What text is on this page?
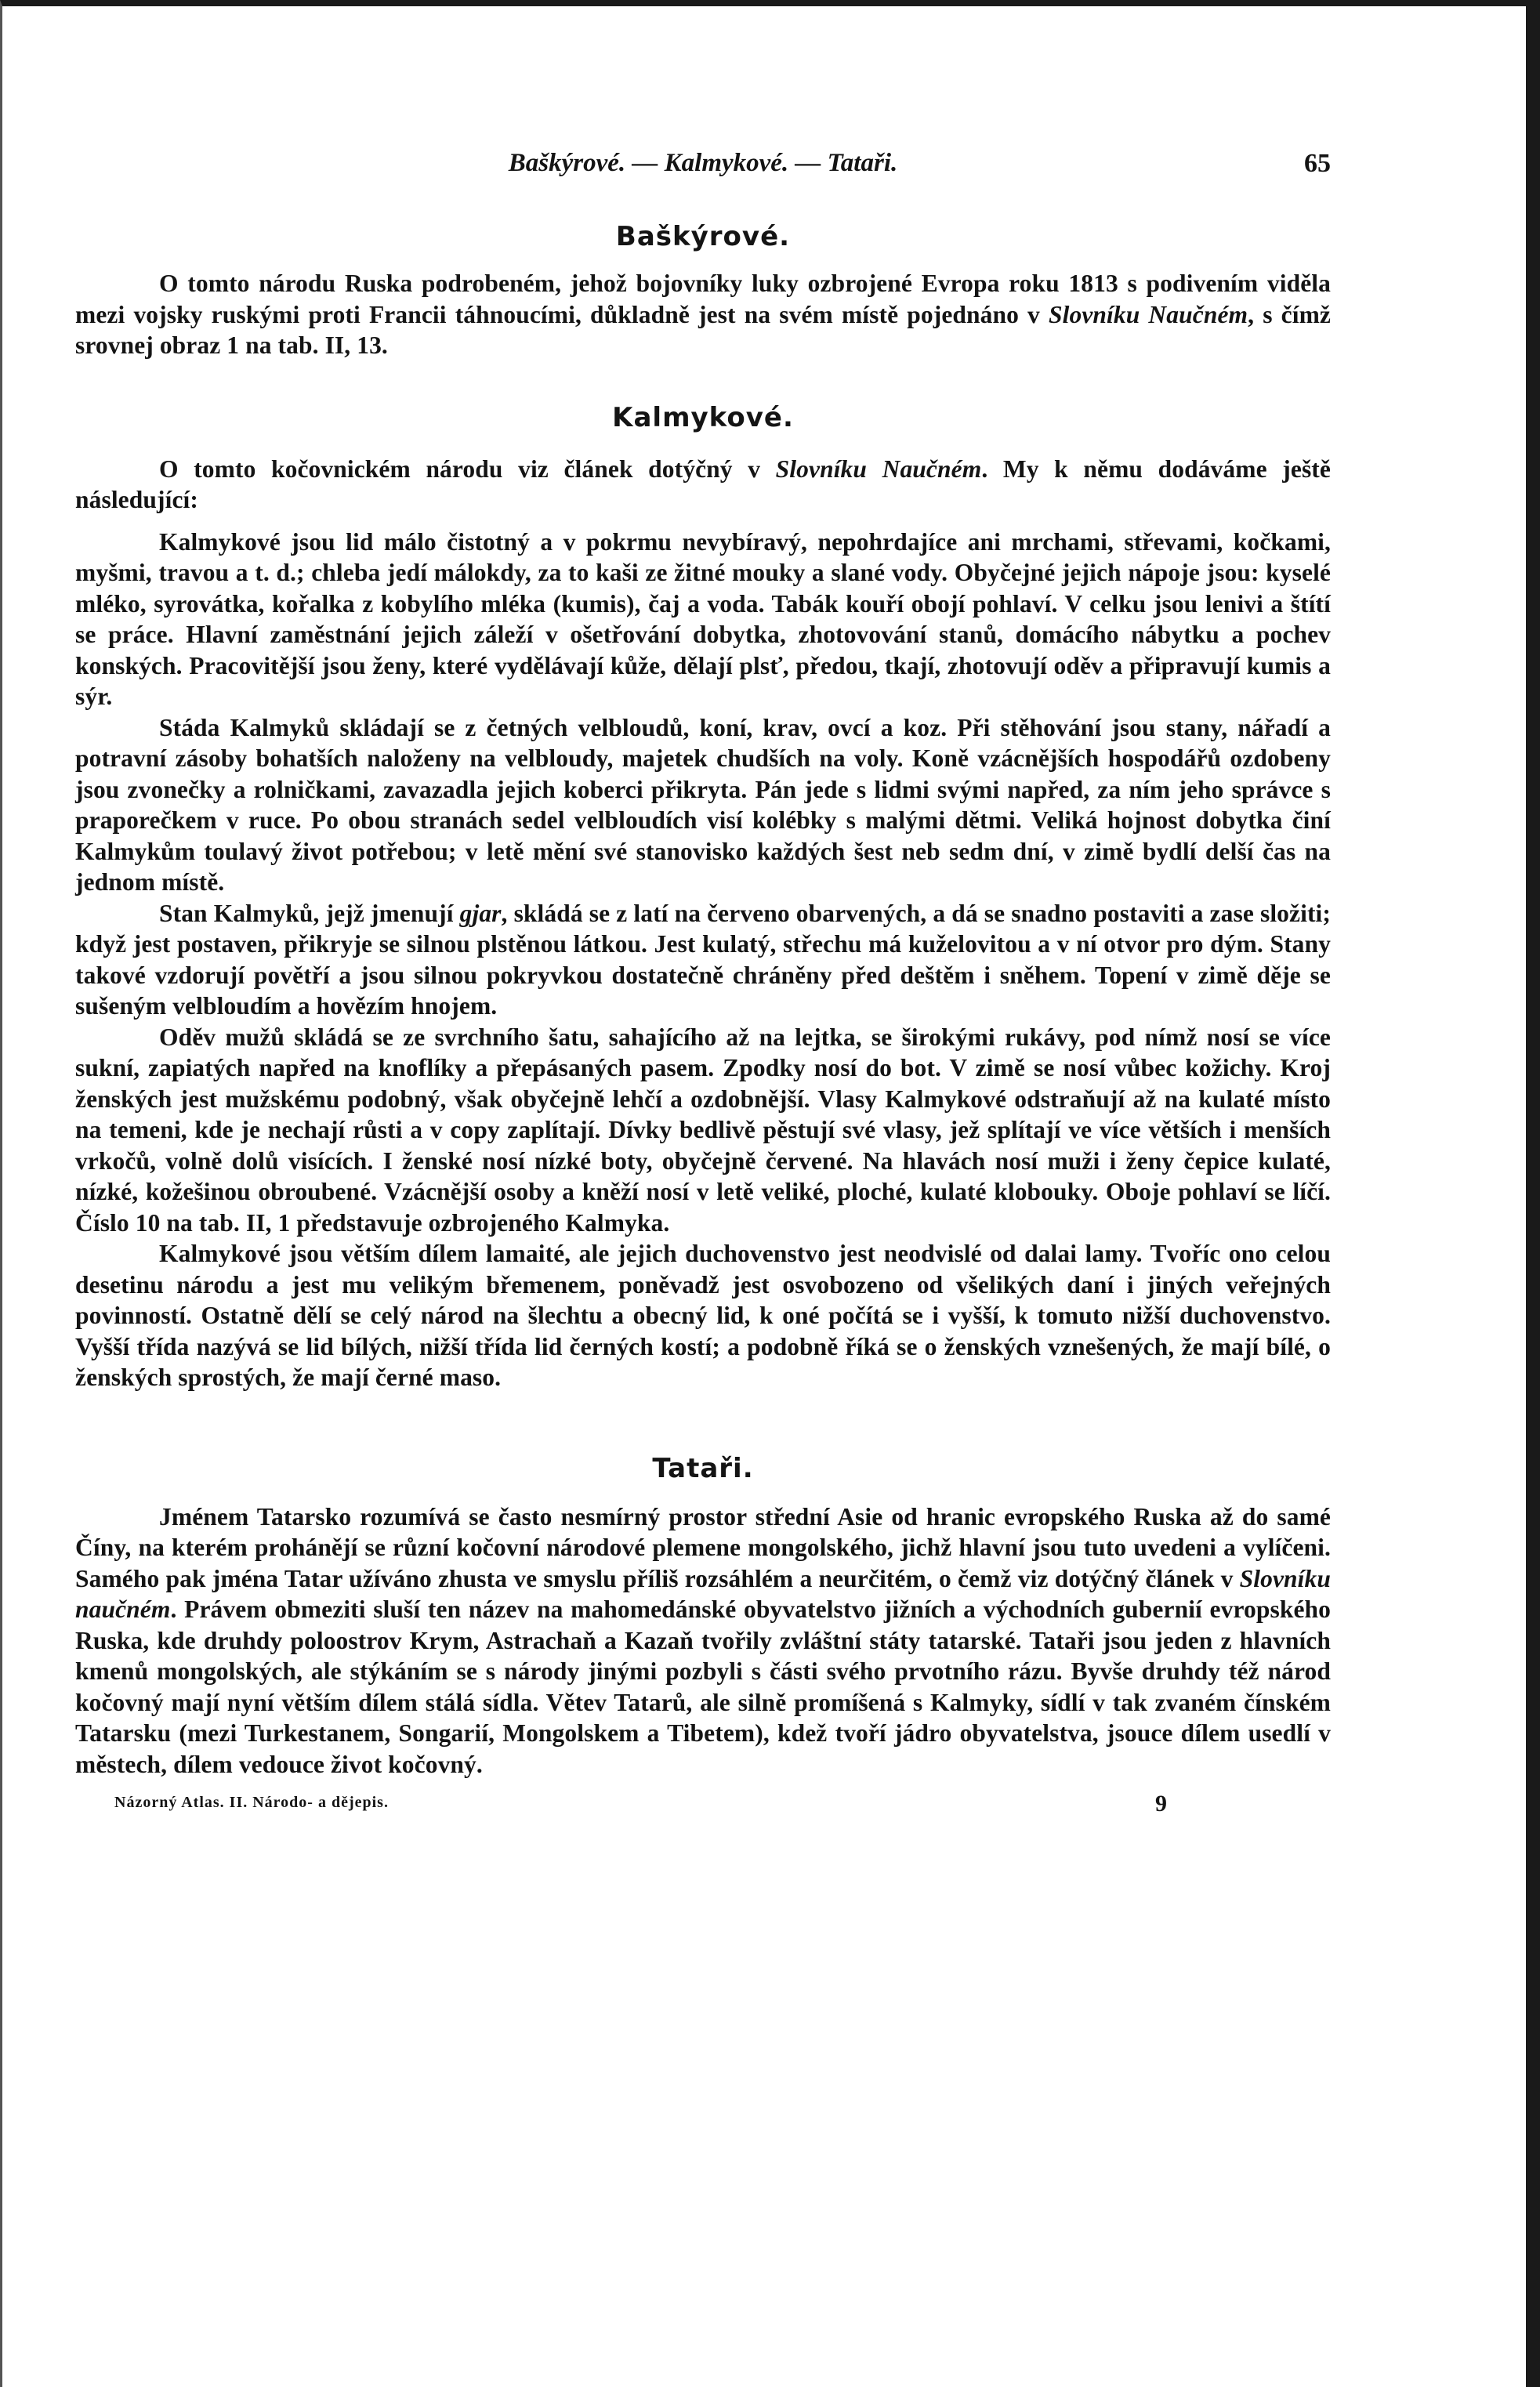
Baškýrové. — Kalmykové. — Tataři.	65
Baškýrové.

O tomto národu Ruska podrobeném, jehož bojovníky luky ozbrojené Evropa roku 1813 s podivením viděla mezi vojsky ruskými proti Francii táhnoucími, důkladně jest na svém místě pojednáno v Slovníku Naučném, s čímž srovnej obraz 1 na tab. II, 13.

Kalmykové.

O tomto kočovnickém národu viz článek dotýčný v Slovníku Naučném. My k němu dodáváme ještě následující:

Kalmykové jsou lid málo čistotný a v pokrmu nevybíravý, nepohrdajíce ani mrchami, střevami, kočkami, myšmi, travou a t. d.; chleba jedí málokdy, za to kaši ze žitné mouky a slané vody. Obyčejné jejich nápoje jsou: kyselé mléko, syrovátka, kořalka z kobylího mléka (kumis), čaj a voda. Tabák kouří obojí pohlaví. V celku jsou lenivi a štítí se práce. Hlavní zaměstnání jejich záleží v ošetřování dobytka, zhotovování stanů, domácího nábytku a pochev konských. Pracovitější jsou ženy, které vydělávají kůže, dělají plsť, předou, tkají, zhotovují oděv a připravují kumis a sýr.

Stáda Kalmyků skládají se z četných velbloudů, koní, krav, ovcí a koz. Při stěhování jsou stany, nářadí a potravní zásoby bohatších naloženy na velbloudy, majetek chudších na voly. Koně vzácnějších hospodářů ozdobeny jsou zvonečky a rolničkami, zavazadla jejich koberci přikryta. Pán jede s lidmi svými napřed, za ním jeho správce s praporečkem v ruce. Po obou stranách sedel velbloudích visí kolébky s malými dětmi. Veliká hojnost dobytka činí Kalmykům toulavý život potřebou; v letě mění své stanovisko každých šest neb sedm dní, v zimě bydlí delší čas na jednom místě.

Stan Kalmyků, jejž jmenují gjar, skládá se z latí na červeno obarvených, a dá se snadno postaviti a zase složiti; když jest postaven, přikryje se silnou plstěnou látkou. Jest kulatý, střechu má kuželovitou a v ní otvor pro dým. Stany takové vzdorují povětří a jsou silnou pokryvkou dostatečně chráněny před deštěm i sněhem. Topení v zimě děje se sušeným velbloudím a hovězím hnojem.

Oděv mužů skládá se ze svrchního šatu, sahajícího až na lejtka, se širokými rukávy, pod nímž nosí se více sukní, zapiatých napřed na knoflíky a přepásaných pasem. Zpodky nosí do bot. V zimě se nosí vůbec kožichy. Kroj ženských jest mužskému podobný, však obyčejně lehčí a ozdobnější. Vlasy Kalmykové odstraňují až na kulaté místo na temeni, kde je nechají růsti a v copy zaplítají. Dívky bedlivě pěstují své vlasy, jež splítají ve více větších i menších vrkočů, volně dolů visících. I ženské nosí nízké boty, obyčejně červené. Na hlavách nosí muži i ženy čepice kulaté, nízké, kožešinou obroubené. Vzácnější osoby a kněží nosí v letě veliké, ploché, kulaté klobouky. Oboje pohlaví se líčí. Číslo 10 na tab. II, 1 představuje ozbrojeného Kalmyka.

Kalmykové jsou větším dílem lamaité, ale jejich duchovenstvo jest neodvislé od dalai lamy. Tvoříc ono celou desetinu národu a jest mu velikým břemenem, poněvadž jest osvobozeno od všelikých daní i jiných veřejných povinností. Ostatně dělí se celý národ na šlechtu a obecný lid, k oné počítá se i vyšší, k tomuto nižší duchovenstvo. Vyšší třída nazývá se lid bílých, nižší třída lid černých kostí; a podobně říká se o ženských vznešených, že mají bílé, o ženských sprostých, že mají černé maso.

Tataři.

Jménem Tatarsko rozumívá se často nesmírný prostor střední Asie od hranic evropského Ruska až do samé Číny, na kterém prohánějí se různí kočovní národové plemene mongolského, jichž hlavní jsou tuto uvedeni a vylíčeni. Samého pak jména Tatar užíváno zhusta ve smyslu příliš rozsáhlém a neurčitém, o čemž viz dotýčný článek v Slovníku naučném. Právem obmeziti sluší ten název na mahomedánské obyvatelstvo jižních a východních gubernií evropského Ruska, kde druhdy poloostrov Krym, Astrachaň a Kazaň tvořily zvláštní státy tatarské. Tataři jsou jeden z hlavních kmenů mongolských, ale stýkáním se s národy jinými pozbyli s části svého prvotního rázu. Byvše druhdy též národ kočovný mají nyní větším dílem stálá sídla. Větev Tatarů, ale silně promíšená s Kalmyky, sídlí v tak zvaném čínském Tatarsku (mezi Turkestanem, Songarií, Mongolskem a Tibetem), kdež tvoří jádro obyvatelstva, jsouce dílem usedlí v městech, dílem vedouce život kočovný.

Názorný Atlas. II. Národo- a dějepis.	9
